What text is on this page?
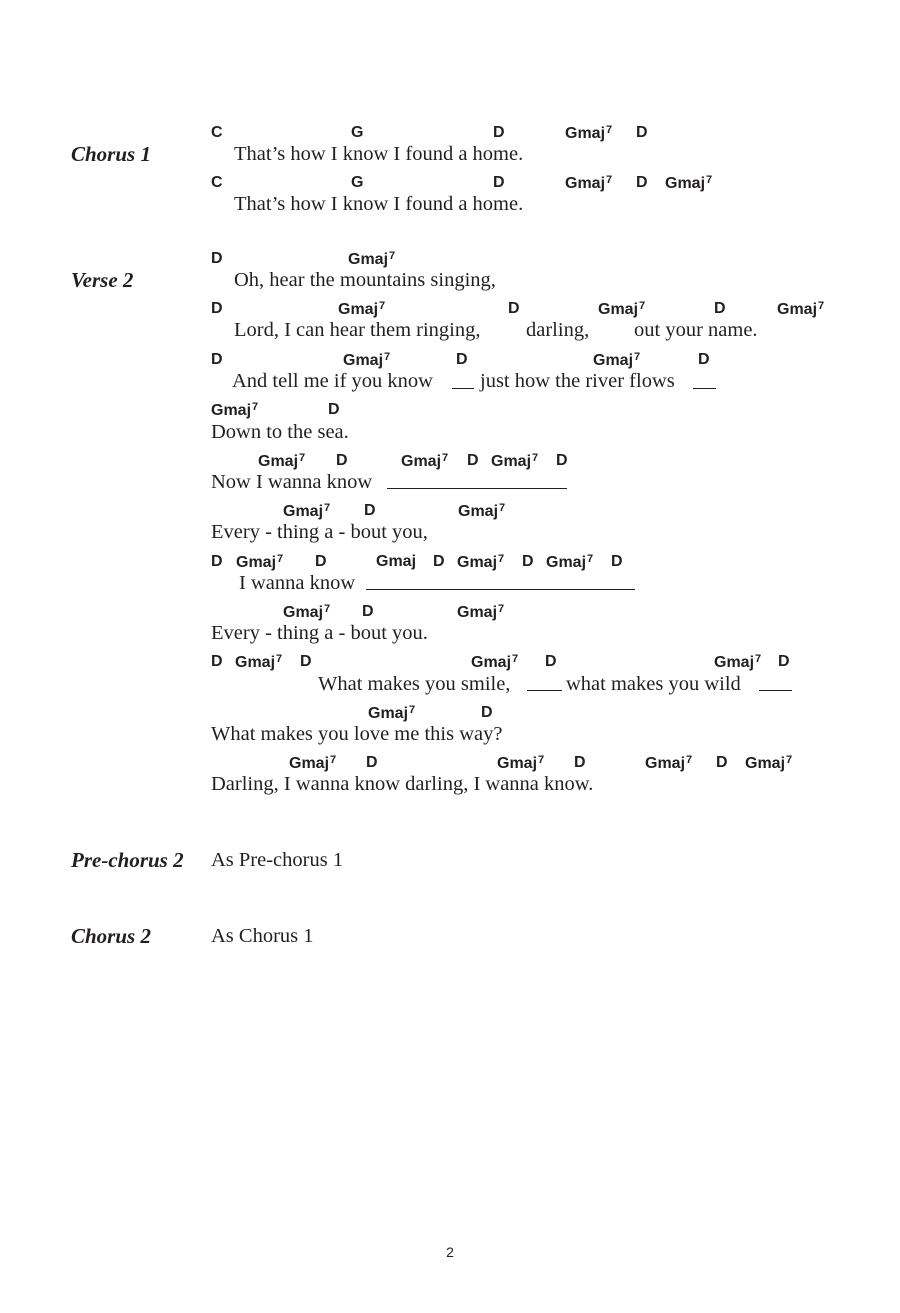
Chorus 1
Verse 2
Pre-chorus 2
Chorus 2
C	G	D	Gmaj$^7$ D
C	G	D	Gmaj$^7$ D Gmaj$^7$
D	Gmaj$^7$
D	Gmaj$^7$	D	Gmaj$^7$	D	Gmaj$^7$
D	Gmaj$^7$	D	Gmaj$^7$	D
Gmaj$^7$	D
Gmaj$^7$ D	Gmaj$^7$ D Gmaj$^7$ D
Gmaj$^7$ D	Gmaj$^7$
D Gmaj$^7$ D	Gmaj D Gmaj$^7$ D Gmaj$^7$ D
Gmaj$^7$ D	Gmaj$^7$
D Gmaj$^7$ D	Gmaj$^7$ D	Gmaj$^7$ D
Gmaj$^7$	D
Gmaj$^7$ D	Gmaj$^7$ D	Gmaj$^7$ D Gmaj$^7$
That’s how I know I found a home.
That’s how I know I found a home.
Oh, hear the mountains singing,
Lord, I can hear them ringing, darling, out your name.
And tell me if you know just how the river flows
Down to the sea.
Now I wanna know
Every - thing a - bout you,
I wanna know
Every - thing a - bout you.
What makes you smile,	what makes you wild
What makes you love me this way?
Darling, I wanna know darling, I wanna know.
As Pre-chorus 1
As Chorus 1
2
